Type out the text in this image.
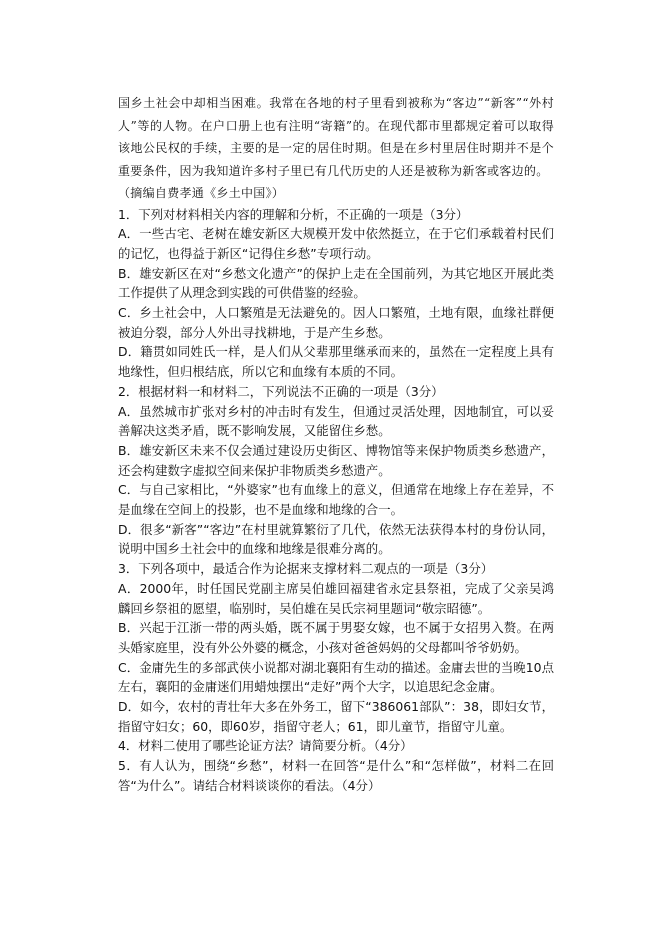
国乡土社会中却相当困难。我常在各地的村子里看到被称为“客边”“新客”“外村人”等的人物。在户口册上也有注明“寄籍”的。在现代都市里都规定着可以取得该地公民权的手续，主要的是一定的居住时期。但是在乡村里居住时期并不是个重要条件，因为我知道许多村子里已有几代历史的人还是被称为新客或客边的。

（摘编自费孝通《乡土中国》）

1．下列对材料相关内容的理解和分析，不正确的一项是（3分）

A．一些古宅、老树在雄安新区大规模开发中依然挺立，在于它们承载着村民们的记忆，也得益于新区“记得住乡愁”专项行动。

B．雄安新区在对“乡愁文化遗产”的保护上走在全国前列，为其它地区开展此类工作提供了从理念到实践的可供借鉴的经验。

C．乡土社会中，人口繁殖是无法避免的。因人口繁殖，土地有限，血缘社群便被迫分裂，部分人外出寻找耕地，于是产生乡愁。

D．籍贯如同姓氏一样，是人们从父辈那里继承而来的，虽然在一定程度上具有地缘性，但归根结底，所以它和血缘有本质的不同。

2．根据材料一和材料二，下列说法不正确的一项是（3分）

A．虽然城市扩张对乡村的冲击时有发生，但通过灵活处理，因地制宜，可以妥善解决这类矛盾，既不影响发展，又能留住乡愁。

B．雄安新区未来不仅会通过建设历史街区、博物馆等来保护物质类乡愁遗产，还会构建数字虚拟空间来保护非物质类乡愁遗产。

C．与自己家相比，“外婆家”也有血缘上的意义，但通常在地缘上存在差异，不是血缘在空间上的投影，也不是血缘和地缘的合一。

D．很多“新客”“客边”在村里就算繁衍了几代，依然无法获得本村的身份认同，说明中国乡土社会中的血缘和地缘是很难分离的。

3．下列各项中，最适合作为论据来支撑材料二观点的一项是（3分）

A．2000年，时任国民党副主席吴伯雄回福建省永定县祭祖，完成了父亲吴鸿麟回乡祭祖的愿望，临别时，吴伯雄在吴氏宗祠里题词“敬宗昭德”。

B．兴起于江浙一带的两头婚，既不属于男娶女嫁，也不属于女招男入赘。在两头婚家庭里，没有外公外婆的概念，小孩对爸爸妈妈的父母都叫爷爷奶奶。

C．金庸先生的多部武侠小说都对湖北襄阳有生动的描述。金庸去世的当晚10点左右，襄阳的金庸迷们用蜡烛摆出“走好”两个大字，以追思纪念金庸。

D．如今，农村的青壮年大多在外务工，留下“386061部队”：38，即妇女节，指留守妇女；60，即60岁，指留守老人；61，即儿童节，指留守儿童。

4．材料二使用了哪些论证方法？请简要分析。（4分）

5．有人认为，围绕“乡愁”，材料一在回答“是什么”和“怎样做”，材料二在回答“为什么”。请结合材料谈谈你的看法。（4分）
